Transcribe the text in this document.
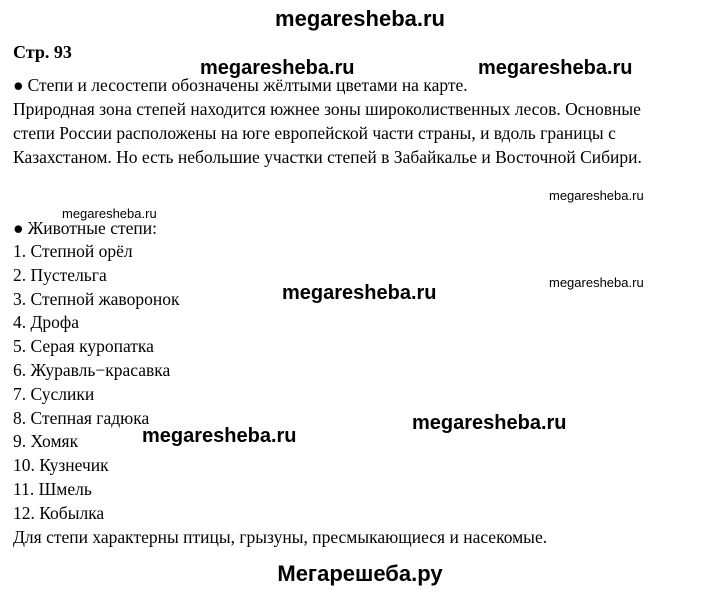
megaresheba.ru
Стр. 93
megaresheba.ru	megaresheba.ru
● Степи и лесостепи обозначены жёлтыми цветами на карте.
Природная зона степей находится южнее зоны широколиственных лесов. Основные
степи России расположены на юге европейской части страны, и вдоль границы с
Казахстаном. Но есть небольшие участки степей в Забайкалье и Восточной Сибири.
megaresheba.ru
megaresheba.ru
● Животные степи:
1. Степной орёл
2. Пустельга
3. Степной жаворонок
4. Дрофа
5. Серая куропатка
6. Журавль−красавка
7. Суслики
8. Степная гадюка
9. Хомяк
10. Кузнечик
11. Шмель
12. Кобылка
megaresheba.ru
megaresheba.ru
megaresheba.ru
megaresheba.ru
Для степи характерны птицы, грызуны, пресмыкающиеся и насекомые.
Мегарешеба.ру
